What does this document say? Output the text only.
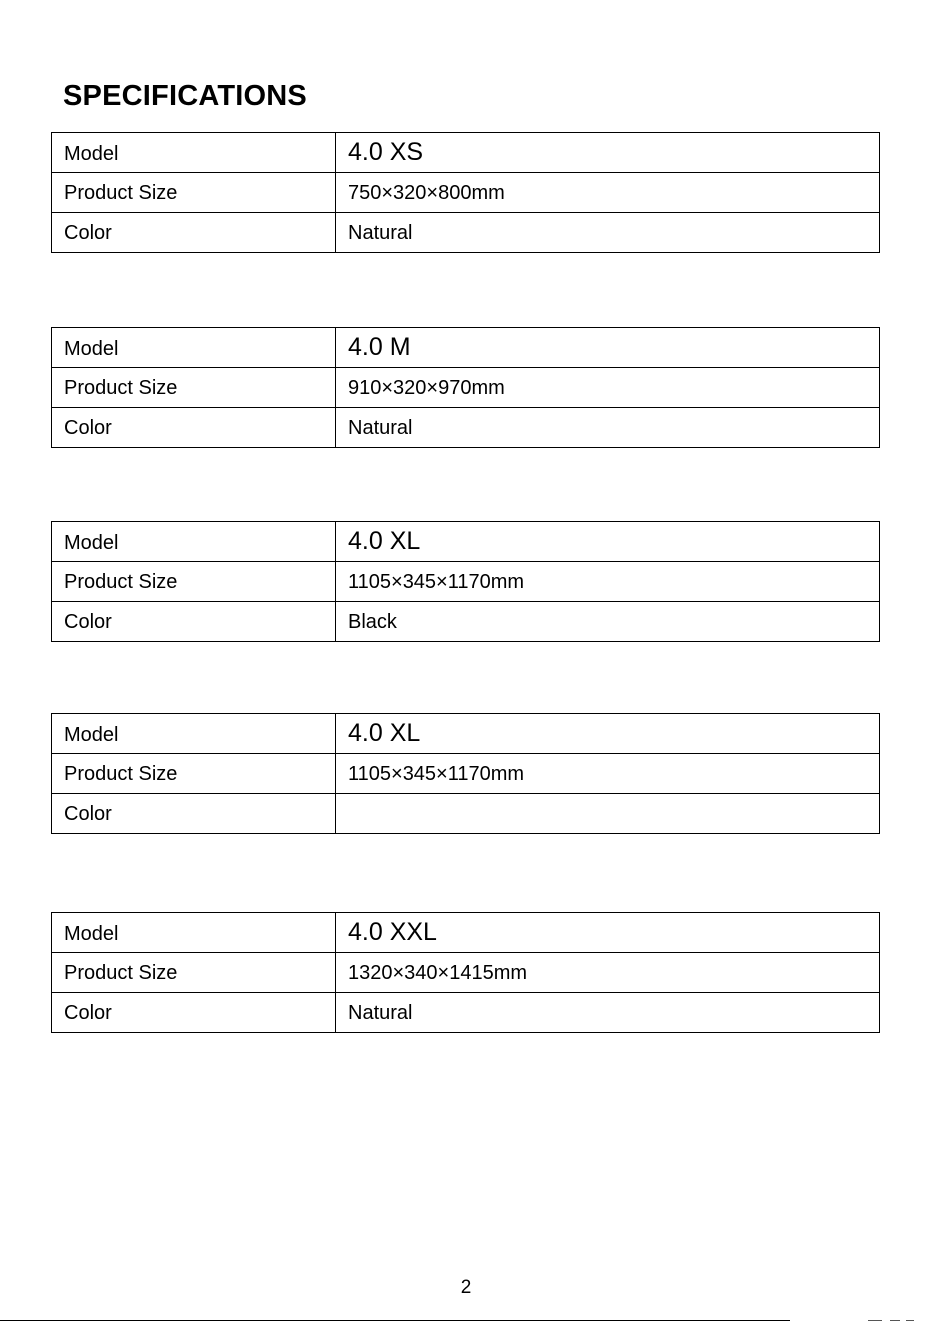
SPECIFICATIONS
Model	4.0 XS
Product Size	750×320×800mm
Color	Natural
Model	4.0 M
Product Size	910×320×970mm
Color	Natural
Model	4.0 XL
Product Size	1105×345×1170mm
Color	Black
Model	4.0 XL
Product Size	1105×345×1170mm
Color	
Model	4.0 XXL
Product Size	1320×340×1415mm
Color	Natural
2
